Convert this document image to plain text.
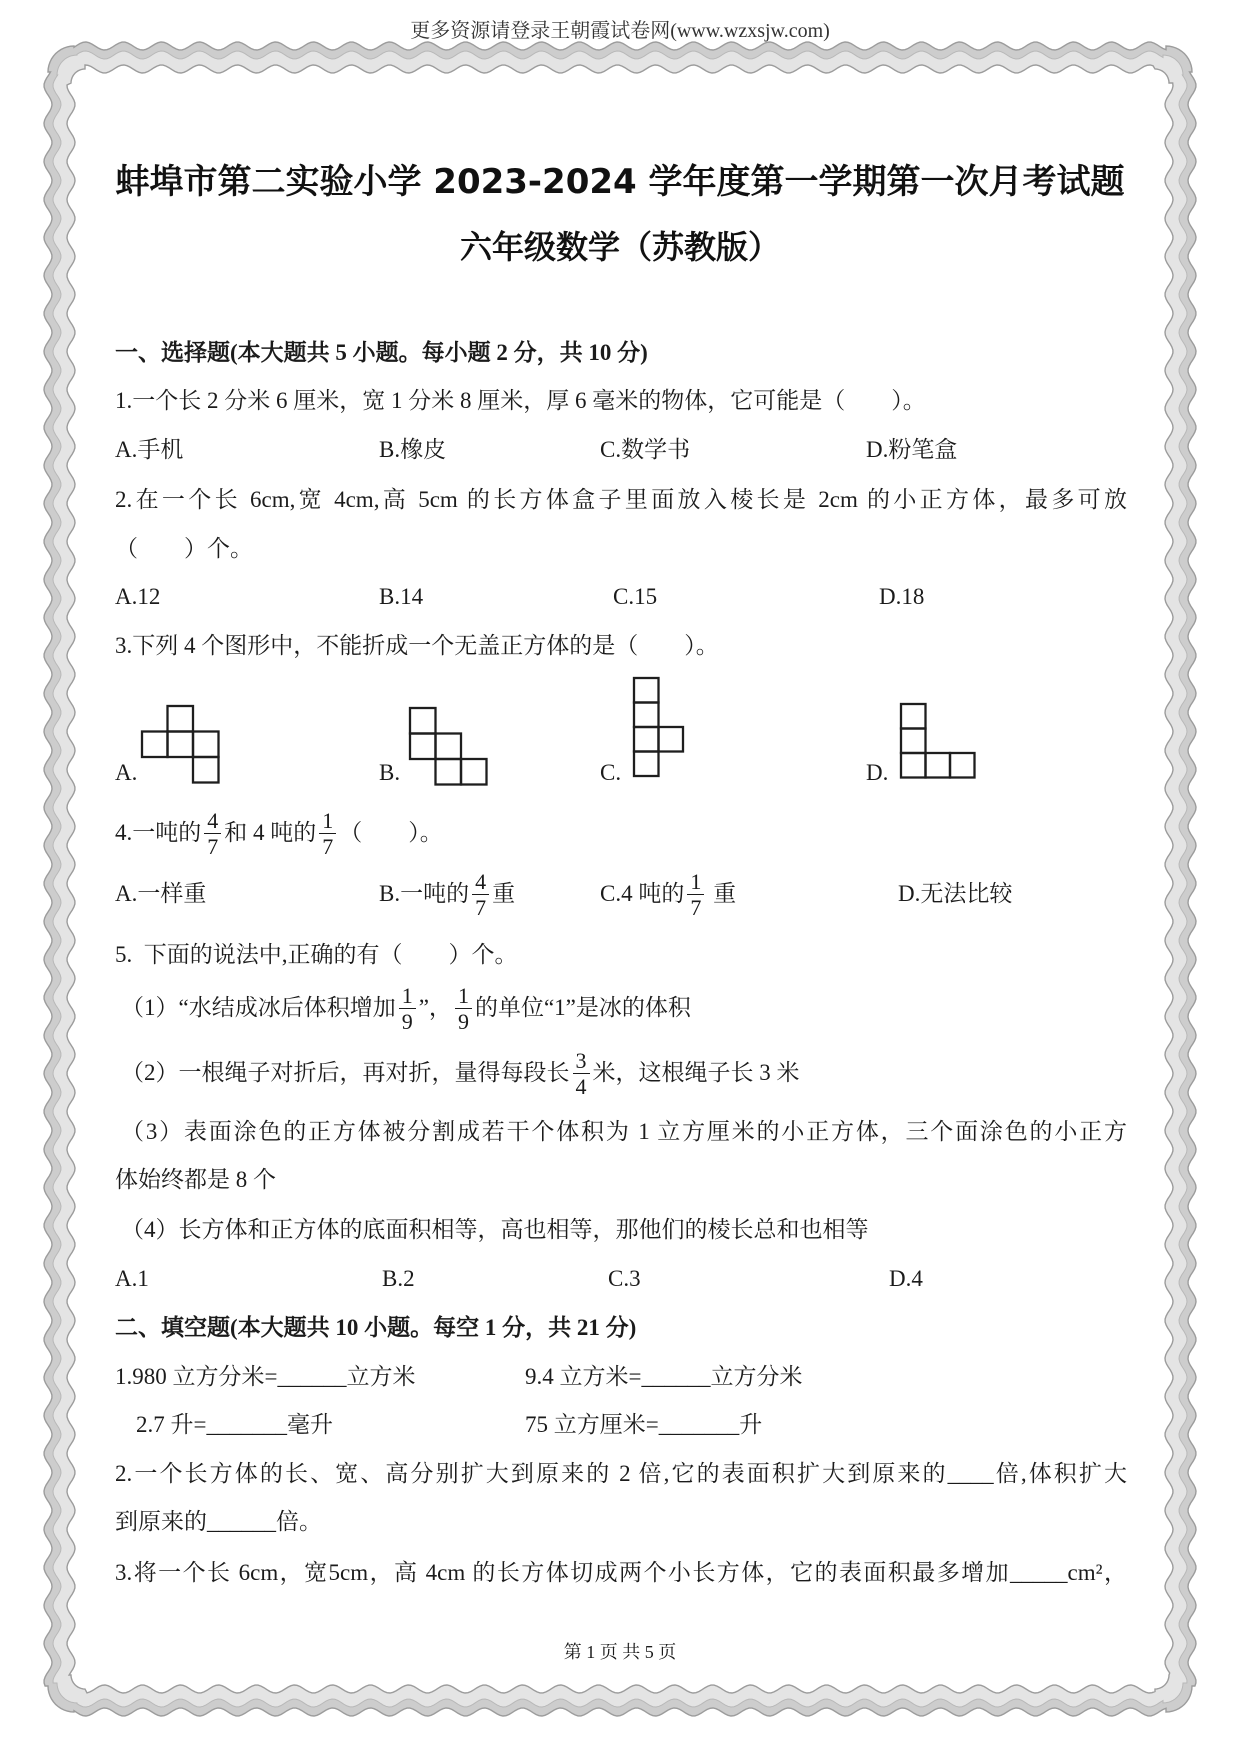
更多资源请登录王朝霞试卷网(www.wzxsjw.com)
蚌埠市第二实验小学 2023-2024 学年度第一学期第一次月考试题
六年级数学（苏教版）
一、选择题(本大题共 5 小题。每小题 2 分，共 10 分)
1.一个长 2 分米 6 厘米，宽 1 分米 8 厘米，厚 6 毫米的物体，它可能是（　　）。
A.手机	B.橡皮	C.数学书	D.粉笔盒
2.在一个长 6cm,宽 4cm,高 5cm 的长方体盒子里面放入棱长是 2cm 的小正方体，最多可放
（　　）个。
A.12	B.14	C.15	D.18
3.下列 4 个图形中，不能折成一个无盖正方体的是（　　）。
A.	B.	C.	D.
4.一吨的 $\frac{4}{7}$ 和 4 吨的 $\frac{1}{7}$ （　　）。
A.一样重	B.一吨的 $\frac{4}{7}$ 重	C.4 吨的 $\frac{1}{7}$ 重	D.无法比较
5.  下面的说法中,正确的有（　　）个。
（1）“水结成冰后体积增加 $\frac{1}{9}$ ”， $\frac{1}{9}$ 的单位“1”是冰的体积
（2）一根绳子对折后，再对折，量得每段长 $\frac{3}{4}$ 米，这根绳子长 3 米
（3）表面涂色的正方体被分割成若干个体积为 1 立方厘米的小正方体，三个面涂色的小正方
体始终都是 8 个
（4）长方体和正方体的底面积相等，高也相等，那他们的棱长总和也相等
A.1	B.2	C.3	D.4
二、填空题(本大题共 10 小题。每空 1 分，共 21 分)
1.980 立方分米=______立方米	9.4 立方米=______立方分米
2.7 升=_______毫升	75 立方厘米=_______升
2.一个长方体的长、宽、高分别扩大到原来的 2 倍,它的表面积扩大到原来的____倍,体积扩大
到原来的______倍。
3.将一个长 6cm，宽5cm，高 4cm 的长方体切成两个小长方体，它的表面积最多增加_____cm²，
第 1 页 共 5 页
